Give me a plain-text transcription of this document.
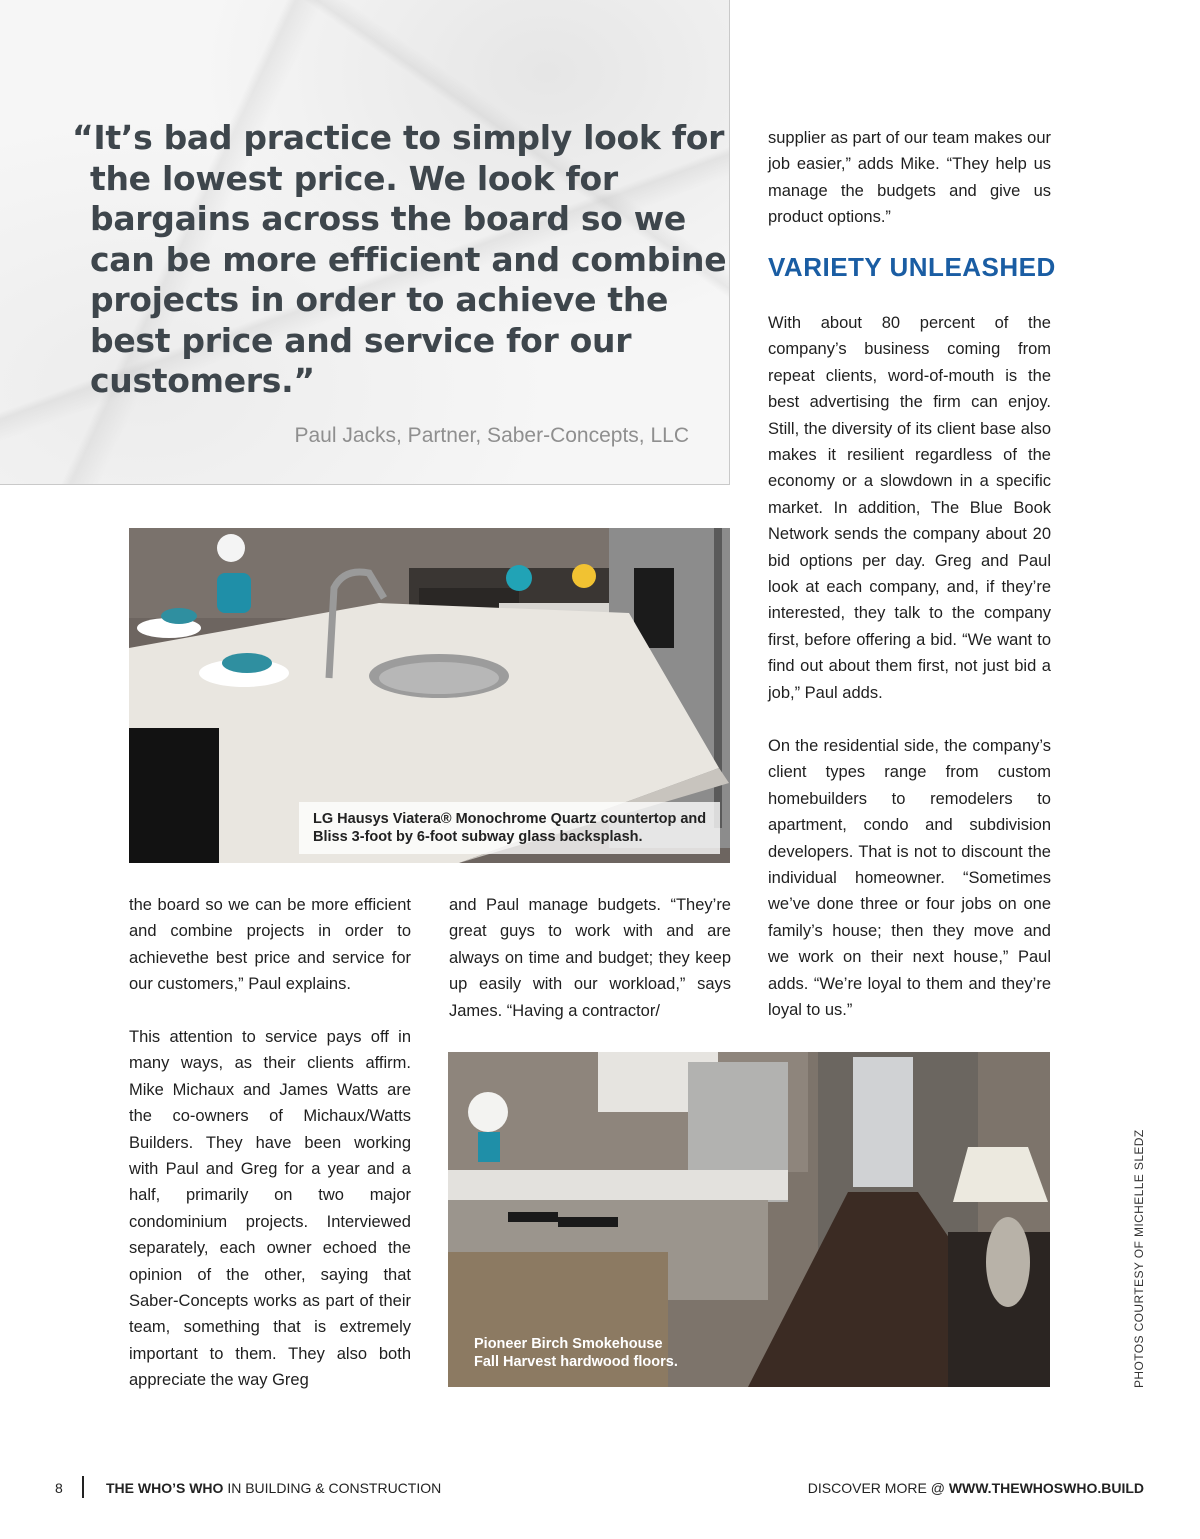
“It’s bad practice to simply look for the lowest price. We look for bargains across the board so we can be more efficient and combine projects in order to achieve the best price and service for our customers.”

Paul Jacks, Partner, Saber-Concepts, LLC

supplier as part of our team makes our job easier,” adds Mike. “They help us manage the budgets and give us product options.”

VARIETY UNLEASHED

With about 80 percent of the company’s business coming from repeat clients, word-of-mouth is the best advertising the firm can enjoy. Still, the diversity of its client base also makes it resilient regardless of the economy or a slowdown in a specific market. In addition, The Blue Book Network sends the company about 20 bid options per day. Greg and Paul look at each company, and, if they’re interested, they talk to the company first, before offering a bid. “We want to find out about them first, not just bid a job,” Paul adds.

On the residential side, the company’s client types range from custom homebuilders to remodelers to apartment, condo and subdivision developers. That is not to discount the individual homeowner. “Sometimes we’ve done three or four jobs on one family’s house; then they move and we work on their next house,” Paul adds. “We’re loyal to them and they’re loyal to us.”

LG Hausys Viatera® Monochrome Quartz countertop and
Bliss 3-foot by 6-foot subway glass backsplash.

the board so we can be more efficient and combine projects in order to achievethe best price and service for our customers,” Paul explains.

This attention to service pays off in many ways, as their clients affirm. Mike Michaux and James Watts are the co-owners of Michaux/Watts Builders. They have been working with Paul and Greg for a year and a half, primarily on two major condominium projects. Interviewed separately, each owner echoed the opinion of the other, saying that Saber-Concepts works as part of their team, something that is extremely important to them. They also both appreciate the way Greg

and Paul manage budgets. “They’re great guys to work with and are always on time and budget; they keep up easily with our workload,” says James. “Having a contractor/

Pioneer Birch Smokehouse
Fall Harvest hardwood floors.	PHOTOS COURTESY OF MICHELLE SLEDZ

8	THE WHO’S WHO IN BUILDING & CONSTRUCTION	DISCOVER MORE @ WWW.THEWHOSWHO.BUILD
